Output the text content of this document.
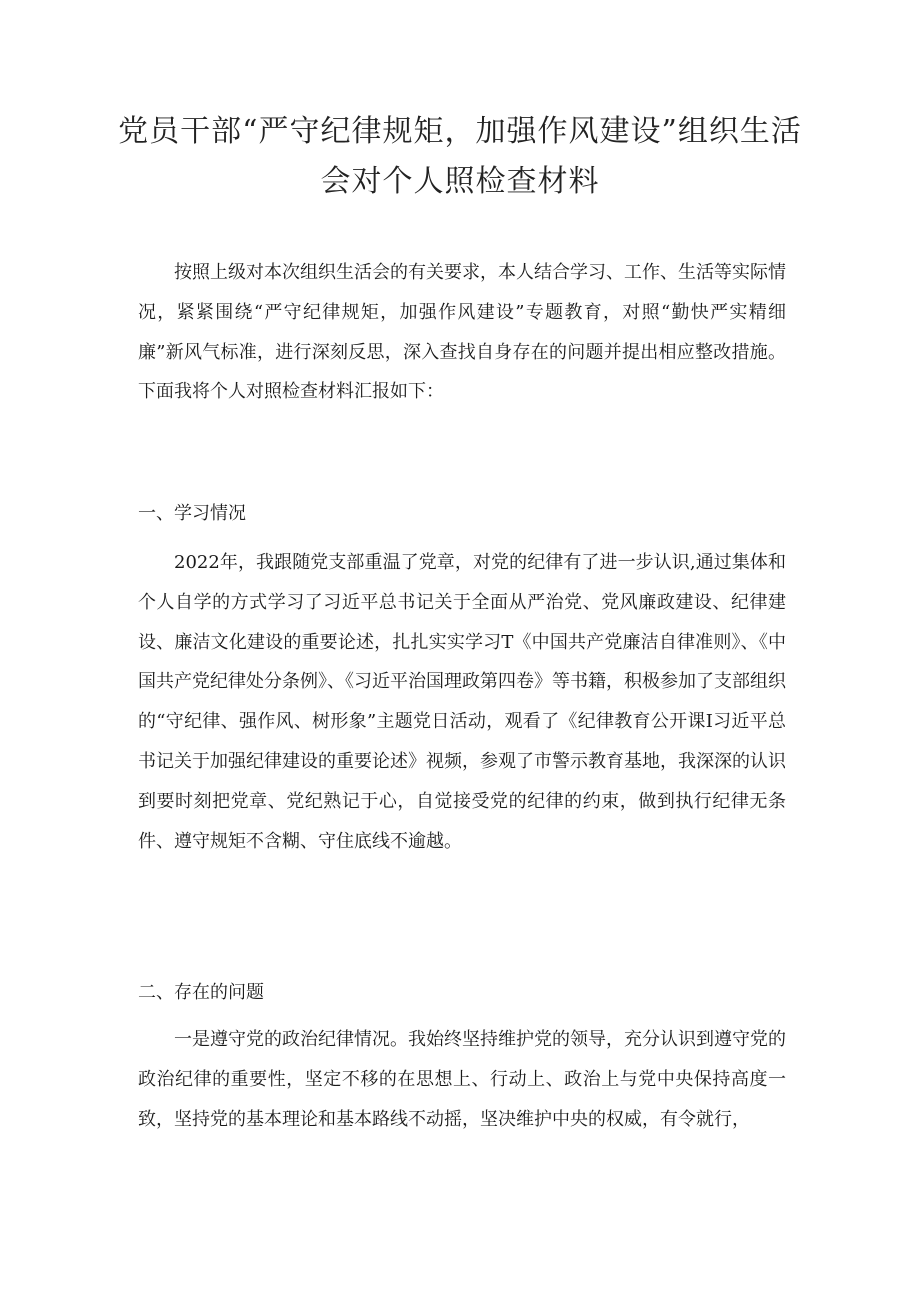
党员干部“严守纪律规矩，加强作风建设”组织生活
会对个人照检查材料

按照上级对本次组织生活会的有关要求，本人结合学习、工作、生活等实际情况，紧紧围绕“严守纪律规矩，加强作风建设”专题教育，对照“勤快严实精细廉”新风气标准，进行深刻反思，深入查找自身存在的问题并提出相应整改措施。下面我将个人对照检查材料汇报如下：

一、学习情况

2022年，我跟随党支部重温了党章，对党的纪律有了进一步认识,通过集体和个人自学的方式学习了习近平总书记关于全面从严治党、党风廉政建设、纪律建设、廉洁文化建设的重要论述，扎扎实实学习T《中国共产党廉洁自律准则》、《中国共产党纪律处分条例》、《习近平治国理政第四卷》等书籍，积极参加了支部组织的“守纪律、强作风、树形象”主题党日活动，观看了《纪律教育公开课I习近平总书记关于加强纪律建设的重要论述》视频，参观了市警示教育基地，我深深的认识到要时刻把党章、党纪熟记于心，自觉接受党的纪律的约束，做到执行纪律无条件、遵守规矩不含糊、守住底线不逾越。

二、存在的问题

一是遵守党的政治纪律情况。我始终坚持维护党的领导，充分认识到遵守党的政治纪律的重要性，坚定不移的在思想上、行动上、政治上与党中央保持高度一致，坚持党的基本理论和基本路线不动摇，坚决维护中央的权威，有令就行，
